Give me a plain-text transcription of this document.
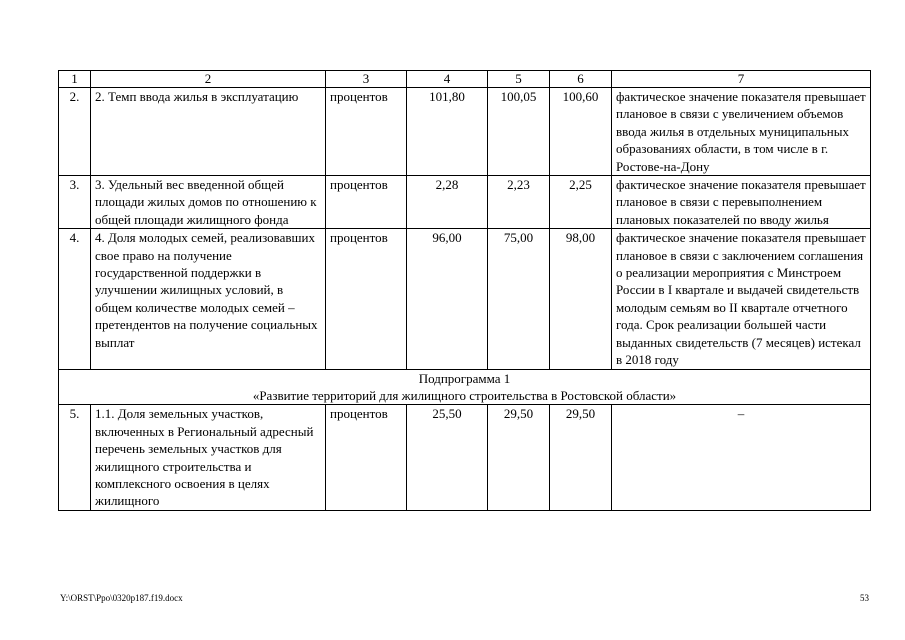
1	2	3	4	5	6	7
2.	2. Темп ввода жилья в эксплуатацию	процентов	101,80	100,05	100,60	фактическое значение показателя превышает плановое в связи с увеличением объемов ввода жилья в отдельных муниципальных образованиях области, в том числе в г. Ростове-на-Дону
3.	3. Удельный вес введенной общей площади жилых домов по отношению к общей площади жилищного фонда	процентов	2,28	2,23	2,25	фактическое значение показателя превышает плановое в связи с перевыполнением плановых показателей по вводу жилья
4.	4. Доля молодых семей, реализовавших свое право на получение государственной поддержки в улучшении жилищных условий, в общем количестве молодых семей – претендентов на получение социальных выплат	процентов	96,00	75,00	98,00	фактическое значение показателя превышает плановое в связи с заключением соглашения о реализации мероприятия с Минстроем России в I квартале и выдачей свидетельств молодым семьям во II квартале отчетного года. Срок реализации большей части выданных свидетельств (7 месяцев) истекал в 2018 году

Подпрограмма 1
«Развитие территорий для жилищного строительства в Ростовской области»						

5.	1.1. Доля земельных участков, включенных в Региональный адресный перечень земельных участков для жилищного строительства и комплексного освоения в целях жилищного	процентов	25,50	29,50	29,50	–
Y:\ORST\Ppo\0320p187.f19.docx	53
